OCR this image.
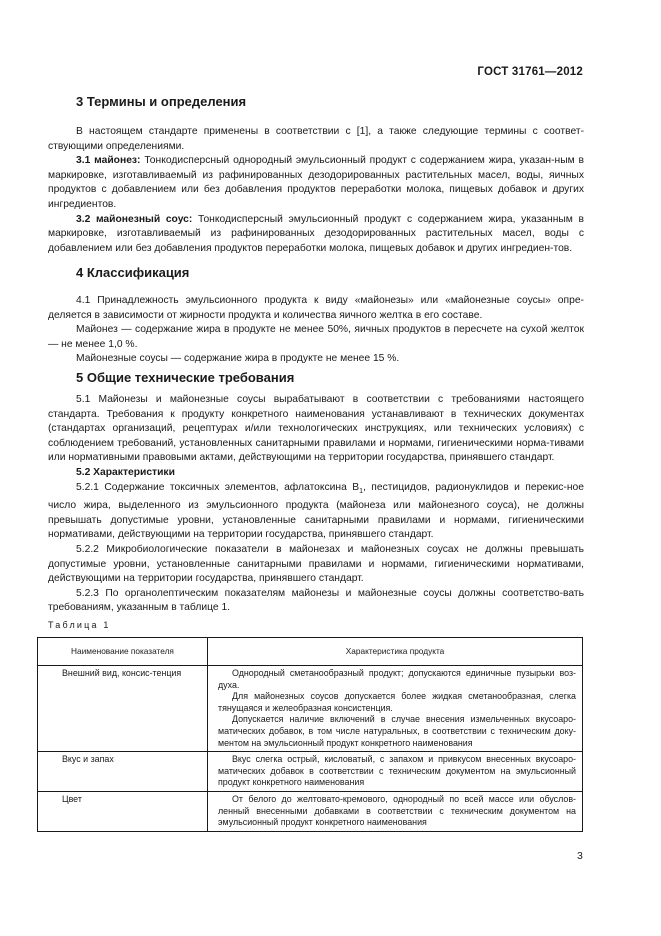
ГОСТ 31761—2012
3 Термины и определения
В настоящем стандарте применены в соответствии с [1], а также следующие термины с соответ-ствующими определениями.
3.1 майонез: Тонкодисперсный однородный эмульсионный продукт с содержанием жира, указан-ным в маркировке, изготавливаемый из рафинированных дезодорированных растительных масел, воды, яичных продуктов с добавлением или без добавления продуктов переработки молока, пищевых добавок и других ингредиентов.
3.2 майонезный соус: Тонкодисперсный эмульсионный продукт с содержанием жира, указанным в маркировке, изготавливаемый из рафинированных дезодорированных растительных масел, воды с добавлением или без добавления продуктов переработки молока, пищевых добавок и других ингредиен-тов.
4 Классификация
4.1 Принадлежность эмульсионного продукта к виду «майонезы» или «майонезные соусы» опре-деляется в зависимости от жирности продукта и количества яичного желтка в его составе.
Майонез — содержание жира в продукте не менее 50%, яичных продуктов в пересчете на сухой желток — не менее 1,0 %.
Майонезные соусы — содержание жира в продукте не менее 15 %.
5 Общие технические требования
5.1 Майонезы и майонезные соусы вырабатывают в соответствии с требованиями настоящего стандарта. Требования к продукту конкретного наименования устанавливают в технических документах (стандартах организаций, рецептурах и/или технологических инструкциях, или технических условиях) с соблюдением требований, установленных санитарными правилами и нормами, гигиеническими норма-тивами или нормативными правовыми актами, действующими на территории государства, принявшего стандарт.
5.2 Характеристики
5.2.1 Содержание токсичных элементов, афлатоксина $B_1$, пестицидов, радионуклидов и перекис-ное число жира, выделенного из эмульсионного продукта (майонеза или майонезного соуса), не должны превышать допустимые уровни, установленные санитарными правилами и нормами, гигиеническими нормативами, действующими на территории государства, принявшего стандарт.
5.2.2 Микробиологические показатели в майонезах и майонезных соусах не должны превышать допустимые уровни, установленные санитарными правилами и нормами, гигиеническими нормативами, действующими на территории государства, принявшего стандарт.
5.2.3 По органолептическим показателям майонезы и майонезные соусы должны соответство-вать требованиям, указанным в таблице 1.
Таблица 1
Наименование показателя	Характеристика продукта
Внешний вид, консис-тенция	Однородный сметанообразный продукт; допускаются единичные пузырьки воз-духа.
Для майонезных соусов допускается более жидкая сметанообразная, слегка тянущаяся и желеобразная консистенция.
Допускается наличие включений в случае внесения измельченных вкусоаро-матических добавок, в том числе натуральных, в соответствии с техническим доку-ментом на эмульсионный продукт конкретного наименования

Вкус и запах	Вкус слегка острый, кисловатый, с запахом и привкусом внесенных вкусоаро-матических добавок в соответствии с техническим документом на эмульсионный продукт конкретного наименования

Цвет	От белого до желтовато-кремового, однородный по всей массе или обуслов-ленный внесенными добавками в соответствии с техническим документом на эмульсионный продукт конкретного наименования
3
